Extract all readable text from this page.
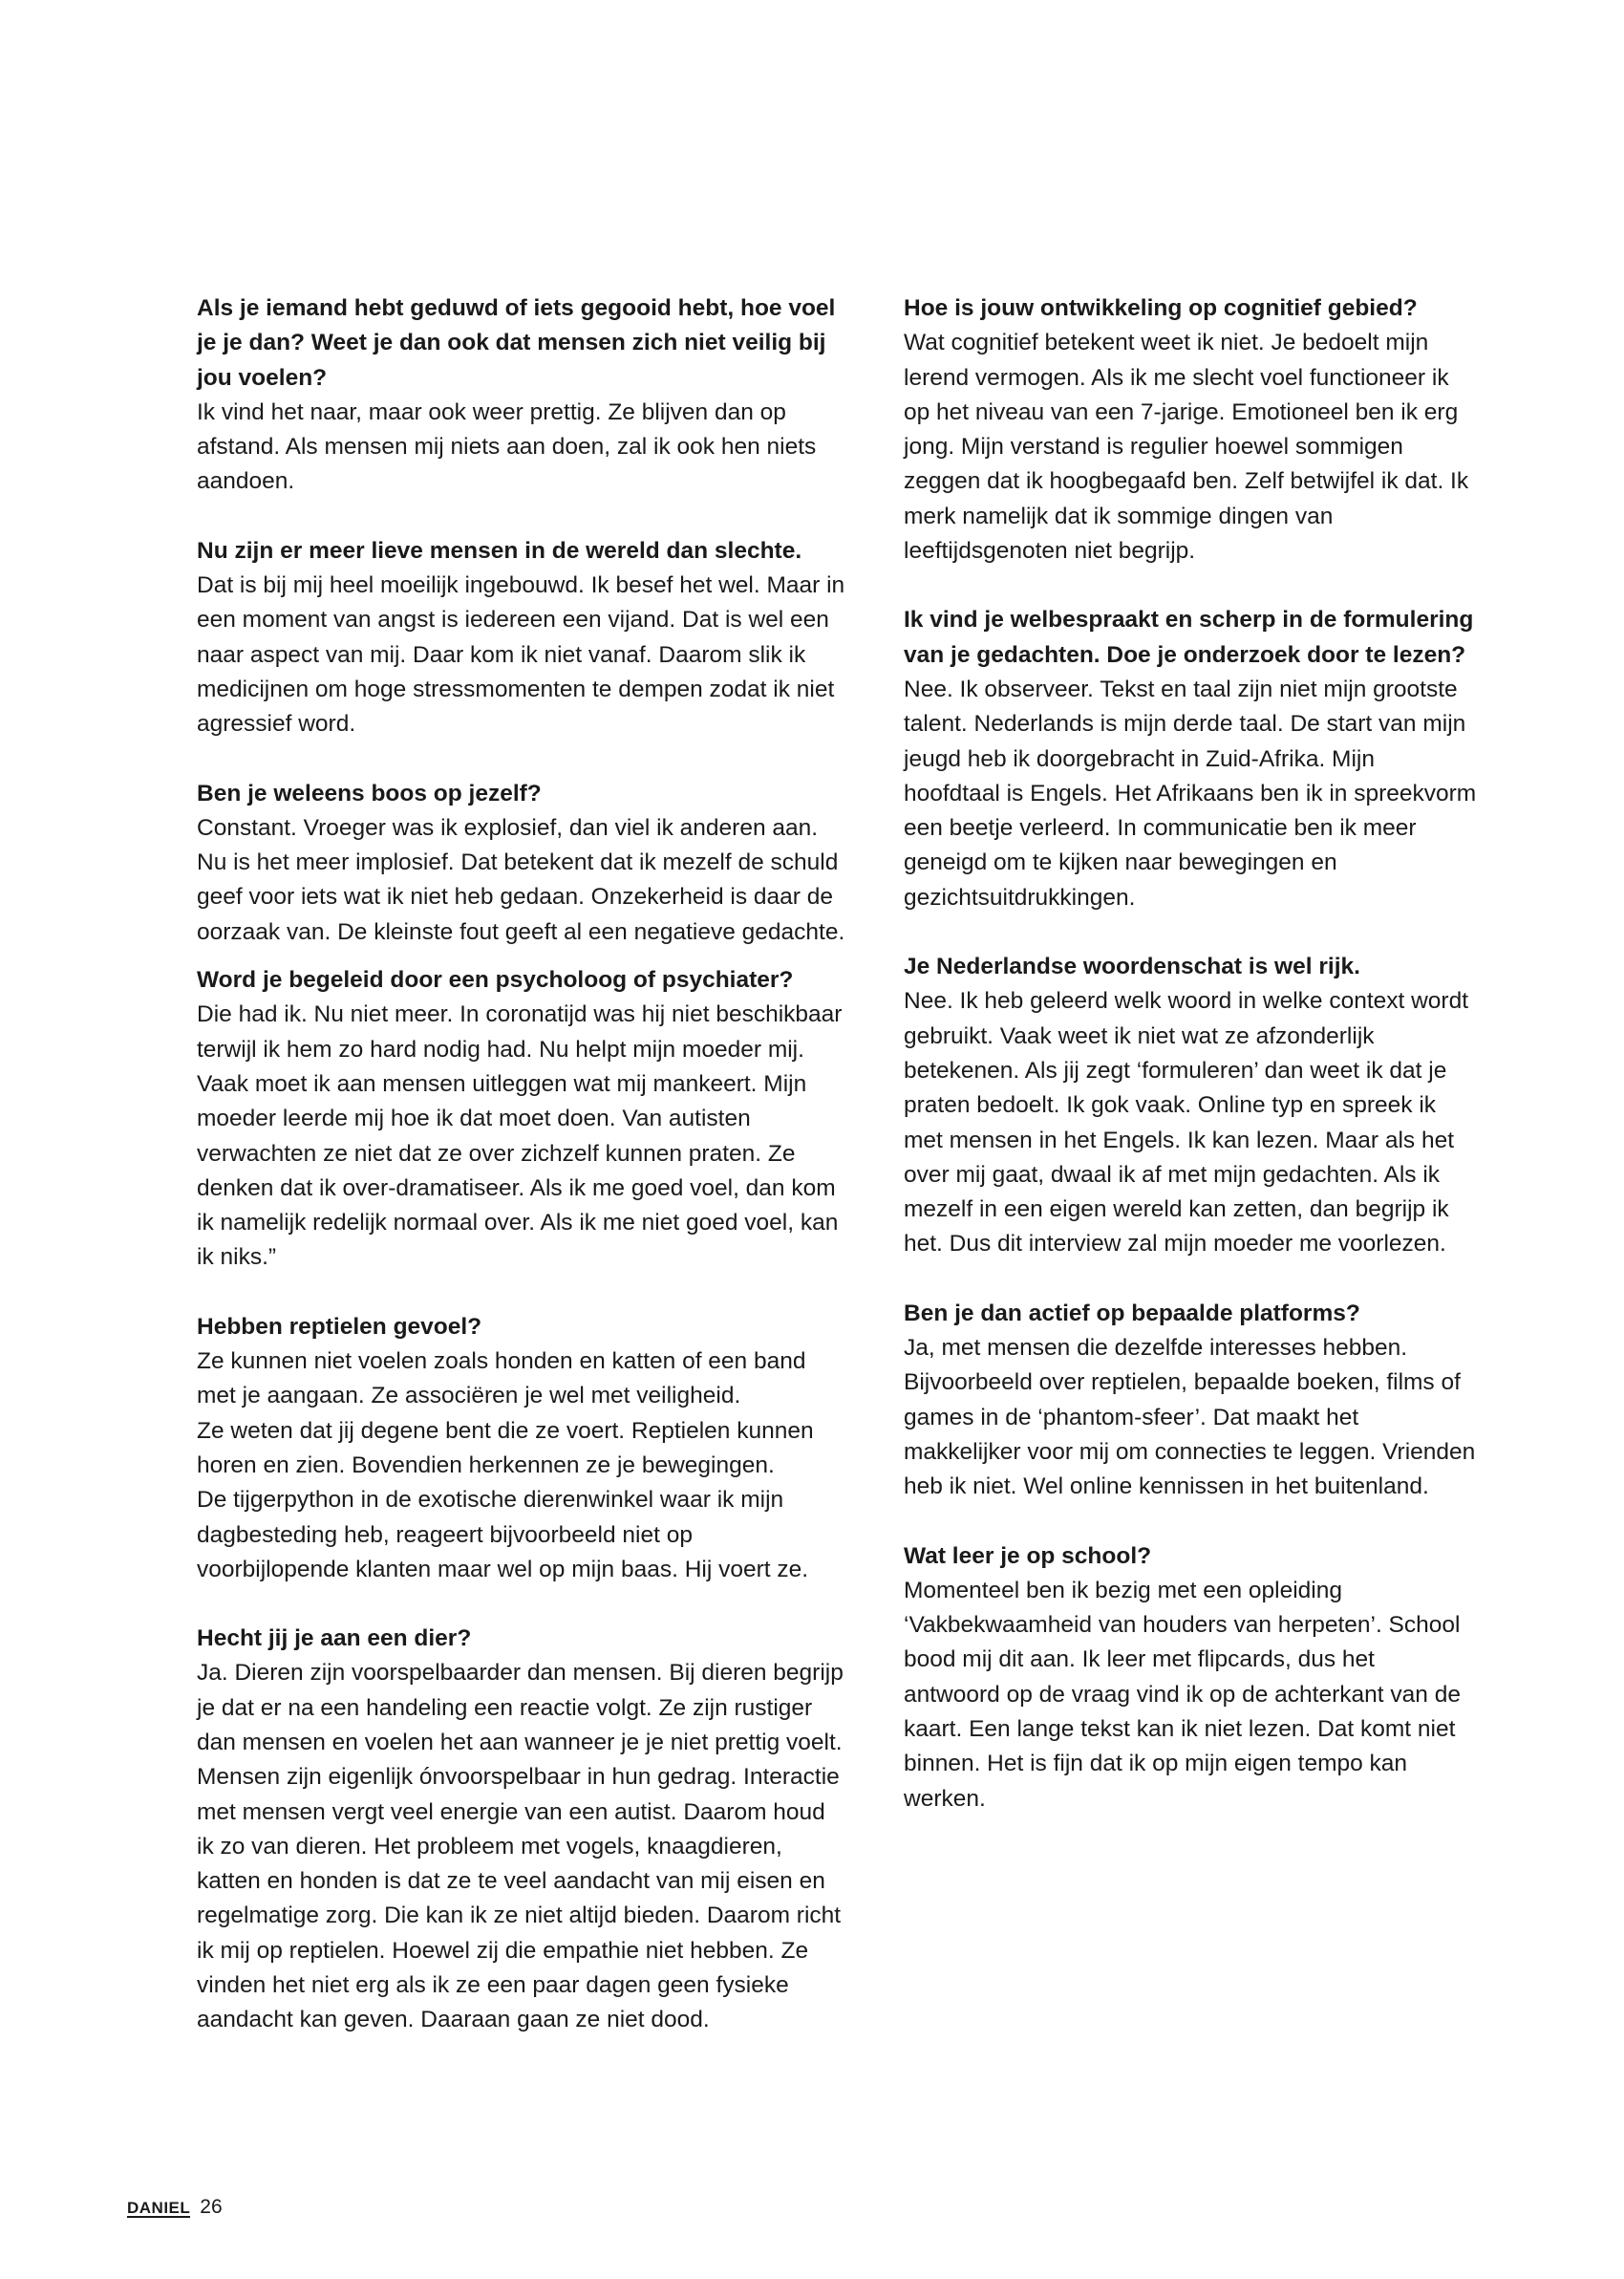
Als je iemand hebt geduwd of iets gegooid hebt, hoe voel je je dan? Weet je dan ook dat mensen zich niet veilig bij jou voelen?

Ik vind het naar, maar ook weer prettig. Ze blijven dan op afstand. Als mensen mij niets aan doen, zal ik ook hen niets aandoen.

Nu zijn er meer lieve mensen in de wereld dan slechte.

Dat is bij mij heel moeilijk ingebouwd. Ik besef het wel. Maar in een moment van angst is iedereen een vijand. Dat is wel een naar aspect van mij. Daar kom ik niet vanaf. Daarom slik ik medicijnen om hoge stressmomenten te dempen zodat ik niet agressief word.

Ben je weleens boos op jezelf?

Constant. Vroeger was ik explosief, dan viel ik anderen aan. Nu is het meer implosief. Dat betekent dat ik mezelf de schuld geef voor iets wat ik niet heb gedaan. Onzekerheid is daar de oorzaak van. De kleinste fout geeft al een negatieve gedachte.

Word je begeleid door een psycholoog of psychiater?

Die had ik. Nu niet meer. In coronatijd was hij niet beschikbaar terwijl ik hem zo hard nodig had. Nu helpt mijn moeder mij. Vaak moet ik aan mensen uitleggen wat mij mankeert. Mijn moeder leerde mij hoe ik dat moet doen. Van autisten verwachten ze niet dat ze over zichzelf kunnen praten. Ze denken dat ik over-dramatiseer. Als ik me goed voel, dan kom ik namelijk redelijk normaal over. Als ik me niet goed voel, kan ik niks.”

Hebben reptielen gevoel?

Ze kunnen niet voelen zoals honden en katten of een band met je aangaan. Ze associëren je wel met veiligheid.
Ze weten dat jij degene bent die ze voert. Reptielen kunnen horen en zien. Bovendien herkennen ze je bewegingen.
De tijgerpython in de exotische dierenwinkel waar ik mijn dagbesteding heb, reageert bijvoorbeeld niet op voorbijlopende klanten maar wel op mijn baas. Hij voert ze.

Hecht jij je aan een dier?

Ja. Dieren zijn voorspelbaarder dan mensen. Bij dieren begrijp je dat er na een handeling een reactie volgt. Ze zijn rustiger dan mensen en voelen het aan wanneer je je niet prettig voelt. Mensen zijn eigenlijk ónvoorspelbaar in hun gedrag. Interactie met mensen vergt veel energie van een autist. Daarom houd ik zo van dieren. Het probleem met vogels, knaagdieren, katten en honden is dat ze te veel aandacht van mij eisen en regelmatige zorg. Die kan ik ze niet altijd bieden. Daarom richt ik mij op reptielen. Hoewel zij die empathie niet hebben. Ze vinden het niet erg als ik ze een paar dagen geen fysieke aandacht kan geven. Daaraan gaan ze niet dood.

Hoe is jouw ontwikkeling op cognitief gebied?

Wat cognitief betekent weet ik niet. Je bedoelt mijn lerend vermogen. Als ik me slecht voel functioneer ik op het niveau van een 7-jarige. Emotioneel ben ik erg jong. Mijn verstand is regulier hoewel sommigen zeggen dat ik hoogbegaafd ben. Zelf betwijfel ik dat. Ik merk namelijk dat ik sommige dingen van leeftijdsgenoten niet begrijp.

Ik vind je welbespraakt en scherp in de formulering van je gedachten. Doe je onderzoek door te lezen?

Nee. Ik observeer. Tekst en taal zijn niet mijn grootste talent. Nederlands is mijn derde taal. De start van mijn jeugd heb ik doorgebracht in Zuid-Afrika. Mijn hoofdtaal is Engels. Het Afrikaans ben ik in spreekvorm een beetje verleerd. In communicatie ben ik meer geneigd om te kijken naar bewegingen en gezichtsuitdrukkingen.

Je Nederlandse woordenschat is wel rijk.

Nee. Ik heb geleerd welk woord in welke context wordt gebruikt. Vaak weet ik niet wat ze afzonderlijk betekenen. Als jij zegt ‘formuleren’ dan weet ik dat je praten bedoelt. Ik gok vaak. Online typ en spreek ik met mensen in het Engels. Ik kan lezen. Maar als het over mij gaat, dwaal ik af met mijn gedachten. Als ik mezelf in een eigen wereld kan zetten, dan begrijp ik het. Dus dit interview zal mijn moeder me voorlezen.

Ben je dan actief op bepaalde platforms?

Ja, met mensen die dezelfde interesses hebben. Bijvoorbeeld over reptielen, bepaalde boeken, films of games in de ‘phantom-sfeer’. Dat maakt het makkelijker voor mij om connecties te leggen. Vrienden heb ik niet. Wel online kennissen in het buitenland.

Wat leer je op school?

Momenteel ben ik bezig met een opleiding ‘Vakbekwaamheid van houders van herpeten’. School bood mij dit aan. Ik leer met flipcards, dus het antwoord op de vraag vind ik op de achterkant van de kaart. Een lange tekst kan ik niet lezen. Dat komt niet binnen. Het is fijn dat ik op mijn eigen tempo kan werken.

DANIEL 26
